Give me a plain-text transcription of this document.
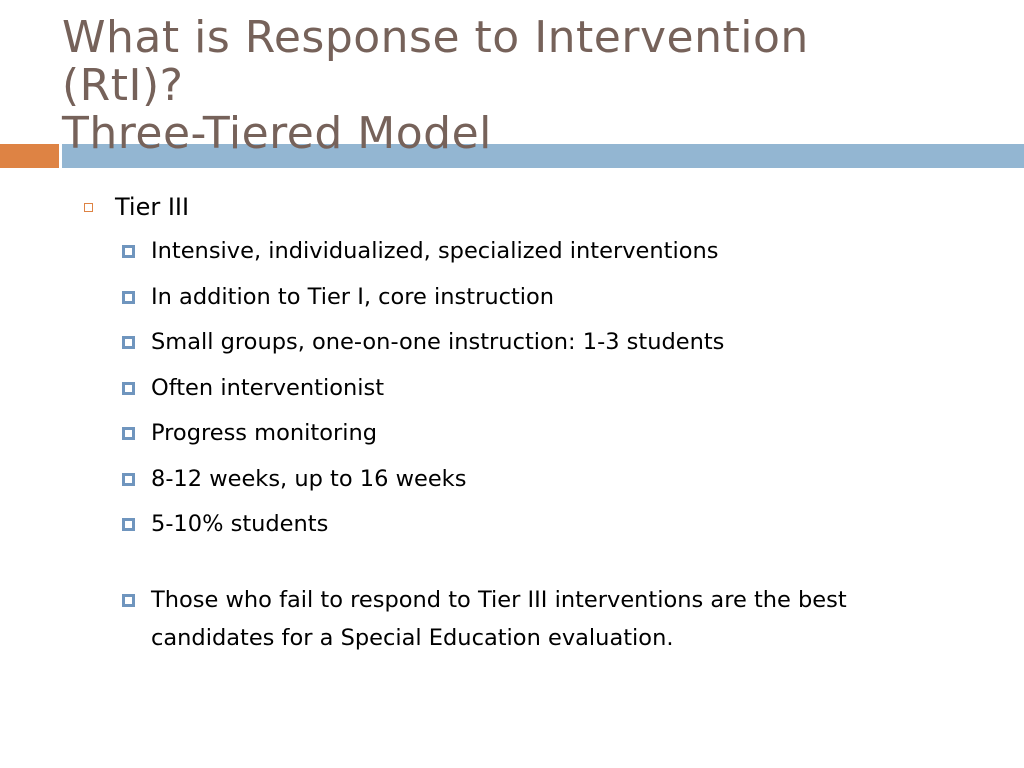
What is Response to Intervention
(RtI)?
Three-Tiered Model
Tier III
Intensive, individualized, specialized interventions
In addition to Tier I, core instruction
Small groups, one-on-one instruction: 1-3 students
Often interventionist
Progress monitoring
8-12 weeks, up to 16 weeks
5-10% students
Those who fail to respond to Tier III interventions are the best candidates for a Special Education evaluation.
